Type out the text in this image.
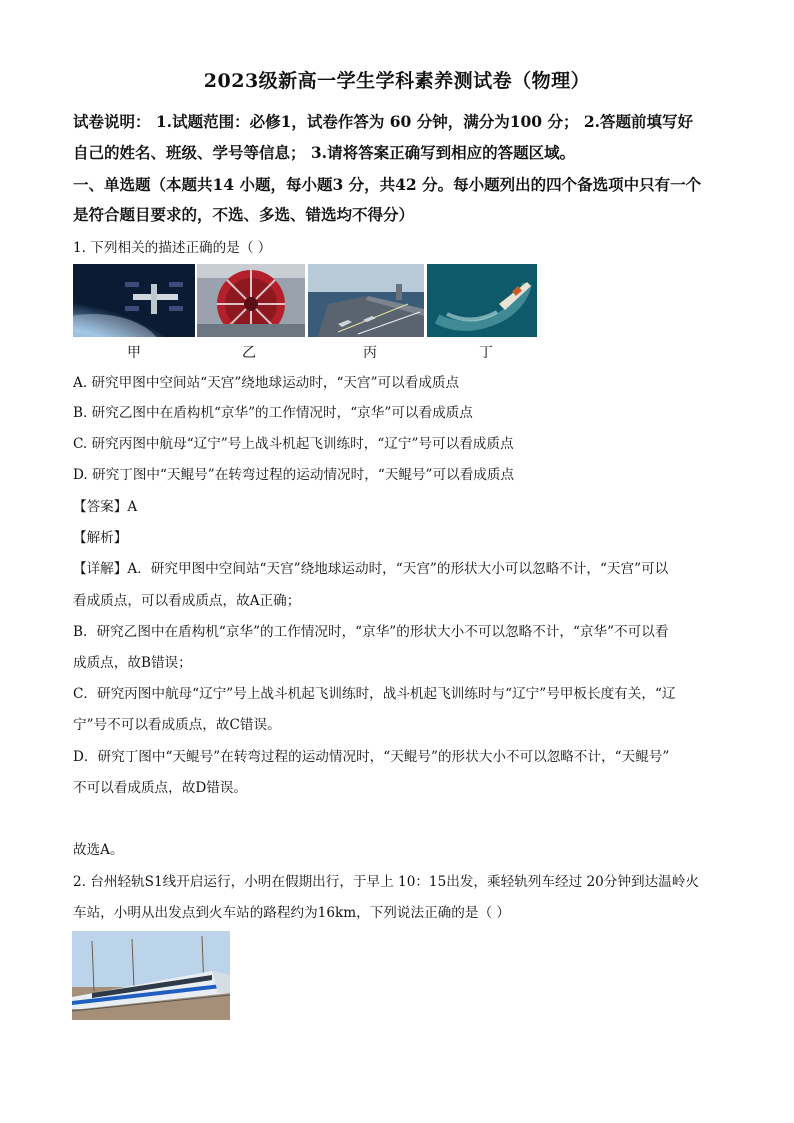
2023级新高一学生学科素养测试卷（物理）
试卷说明： 1.试题范围：必修1，试卷作答为 60 分钟，满分为100 分； 2.答题前填写好
自己的姓名、班级、学号等信息； 3.请将答案正确写到相应的答题区域。
一、单选题（本题共14 小题，每小题3 分，共42 分。每小题列出的四个备选项中只有一个
是符合题目要求的，不选、多选、错选均不得分）
1. 下列相关的描述正确的是（ ）
甲	乙	丙	丁
A. 研究甲图中空间站“天宫”绕地球运动时，“天宫”可以看成质点
B. 研究乙图中在盾构机“京华”的工作情况时，“京华”可以看成质点
C. 研究丙图中航母“辽宁”号上战斗机起飞训练时，“辽宁”号可以看成质点
D. 研究丁图中“天鲲号”在转弯过程的运动情况时，“天鲲号”可以看成质点
【答案】A
【解析】
【详解】A．研究甲图中空间站“天宫”绕地球运动时，“天宫”的形状大小可以忽略不计，“天宫”可以
看成质点，可以看成质点，故A正确；
B．研究乙图中在盾构机“京华”的工作情况时，“京华”的形状大小不可以忽略不计，“京华”不可以看
成质点，故B错误；
C．研究丙图中航母“辽宁”号上战斗机起飞训练时，战斗机起飞训练时与“辽宁”号甲板长度有关，“辽
宁”号不可以看成质点，故C错误。
D．研究丁图中“天鲲号”在转弯过程的运动情况时，“天鲲号”的形状大小不可以忽略不计，“天鲲号”
不可以看成质点，故D错误。
故选A。
2. 台州轻轨S1线开启运行，小明在假期出行，于早上 10：15出发，乘轻轨列车经过 20分钟到达温岭火
车站，小明从出发点到火车站的路程约为16km，下列说法正确的是（ ）
